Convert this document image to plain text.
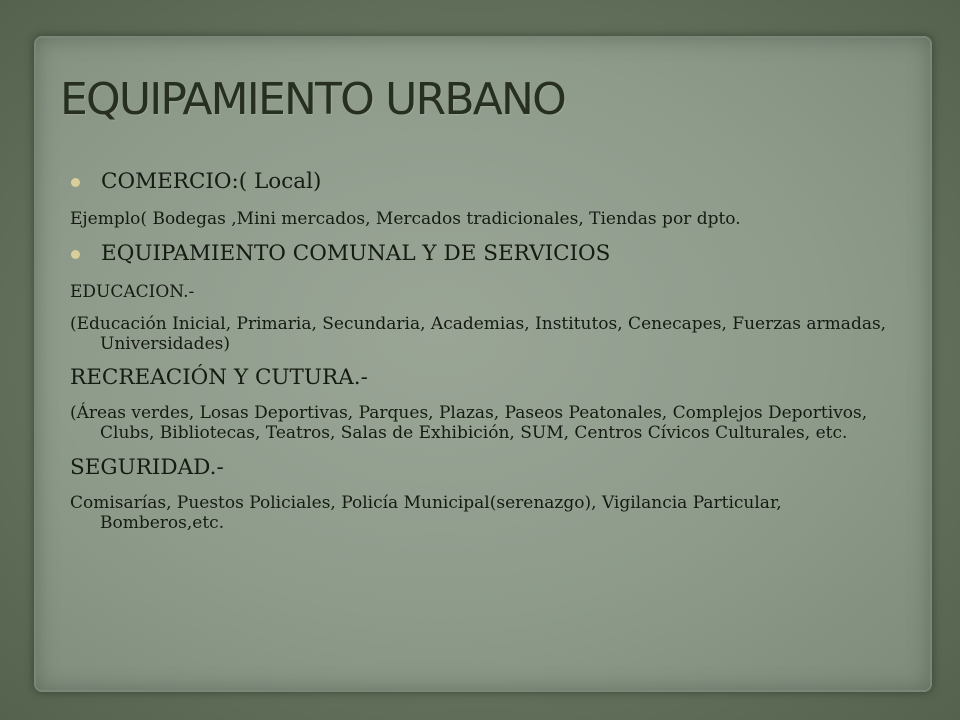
EQUIPAMIENTO URBANO

COMERCIO:( Local)

Ejemplo( Bodegas ,Mini mercados, Mercados tradicionales, Tiendas por dpto.

EQUIPAMIENTO COMUNAL Y DE SERVICIOS

EDUCACION.-

(Educación Inicial, Primaria, Secundaria, Academias, Institutos, Cenecapes, Fuerzas armadas, Universidades)

RECREACIÓN Y CUTURA.-

(Áreas verdes, Losas Deportivas, Parques, Plazas, Paseos Peatonales, Complejos Deportivos, Clubs, Bibliotecas, Teatros, Salas de Exhibición, SUM, Centros Cívicos Culturales, etc.

SEGURIDAD.-

Comisarías, Puestos Policiales, Policía Municipal(serenazgo), Vigilancia Particular, Bomberos,etc.
